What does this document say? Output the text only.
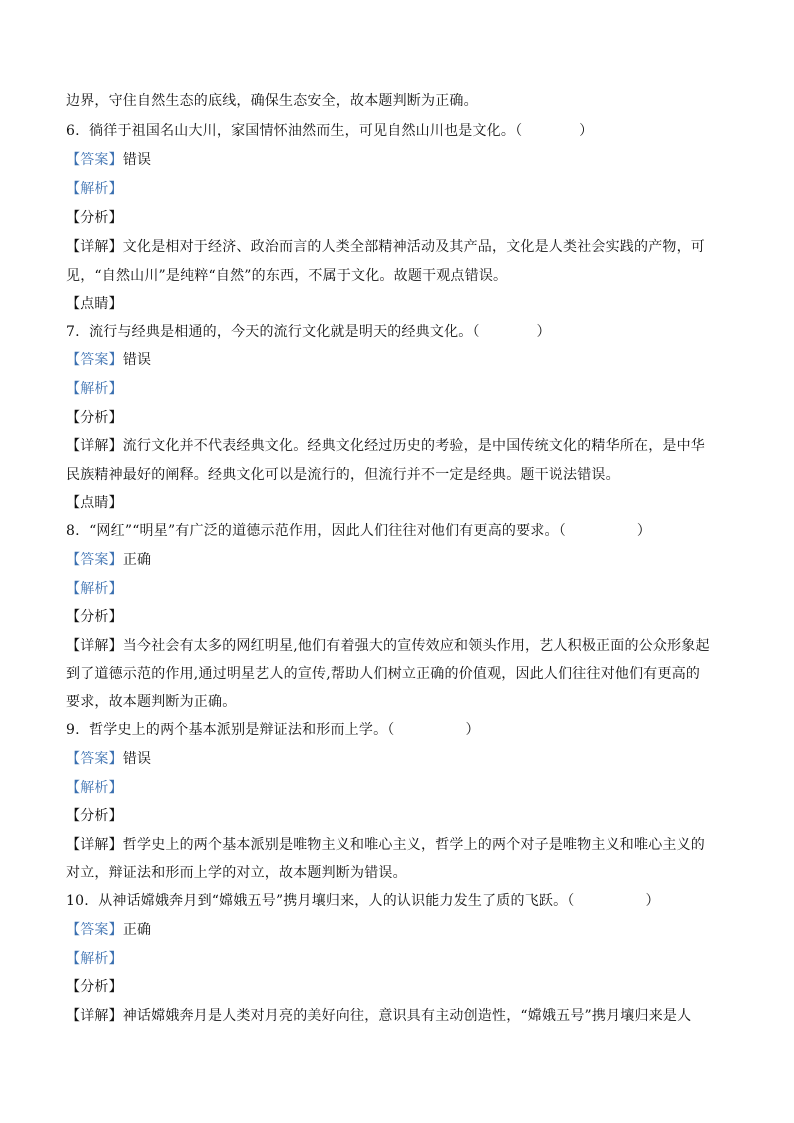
边界，守住自然生态的底线，确保生态安全，故本题判断为正确。
6. 徜徉于祖国名山大川，家国情怀油然而生，可见自然山川也是文化。（　　　　）
【答案】错误
【解析】
【分析】
【详解】文化是相对于经济、政治而言的人类全部精神活动及其产品，文化是人类社会实践的产物，可
见，“自然山川”是纯粹“自然”的东西，不属于文化。故题干观点错误。
【点睛】
7. 流行与经典是相通的，今天的流行文化就是明天的经典文化。（　　　　）
【答案】错误
【解析】
【分析】
【详解】流行文化并不代表经典文化。经典文化经过历史的考验，是中国传统文化的精华所在，是中华
民族精神最好的阐释。经典文化可以是流行的，但流行并不一定是经典。题干说法错误。
【点睛】
8. “网红”“明星”有广泛的道德示范作用，因此人们往往对他们有更高的要求。（　　　　　）
【答案】正确
【解析】
【分析】
【详解】当今社会有太多的网红明星,他们有着强大的宣传效应和领头作用，艺人积极正面的公众形象起
到了道德示范的作用,通过明星艺人的宣传,帮助人们树立正确的价值观，因此人们往往对他们有更高的
要求，故本题判断为正确。
9. 哲学史上的两个基本派别是辩证法和形而上学。（　　　　　）
【答案】错误
【解析】
【分析】
【详解】哲学史上的两个基本派别是唯物主义和唯心主义，哲学上的两个对子是唯物主义和唯心主义的
对立，辩证法和形而上学的对立，故本题判断为错误。
10. 从神话嫦娥奔月到“嫦娥五号”携月壤归来，人的认识能力发生了质的飞跃。（　　　　　）
【答案】正确
【解析】
【分析】
【详解】神话嫦娥奔月是人类对月亮的美好向往，意识具有主动创造性，“嫦娥五号”携月壤归来是人
